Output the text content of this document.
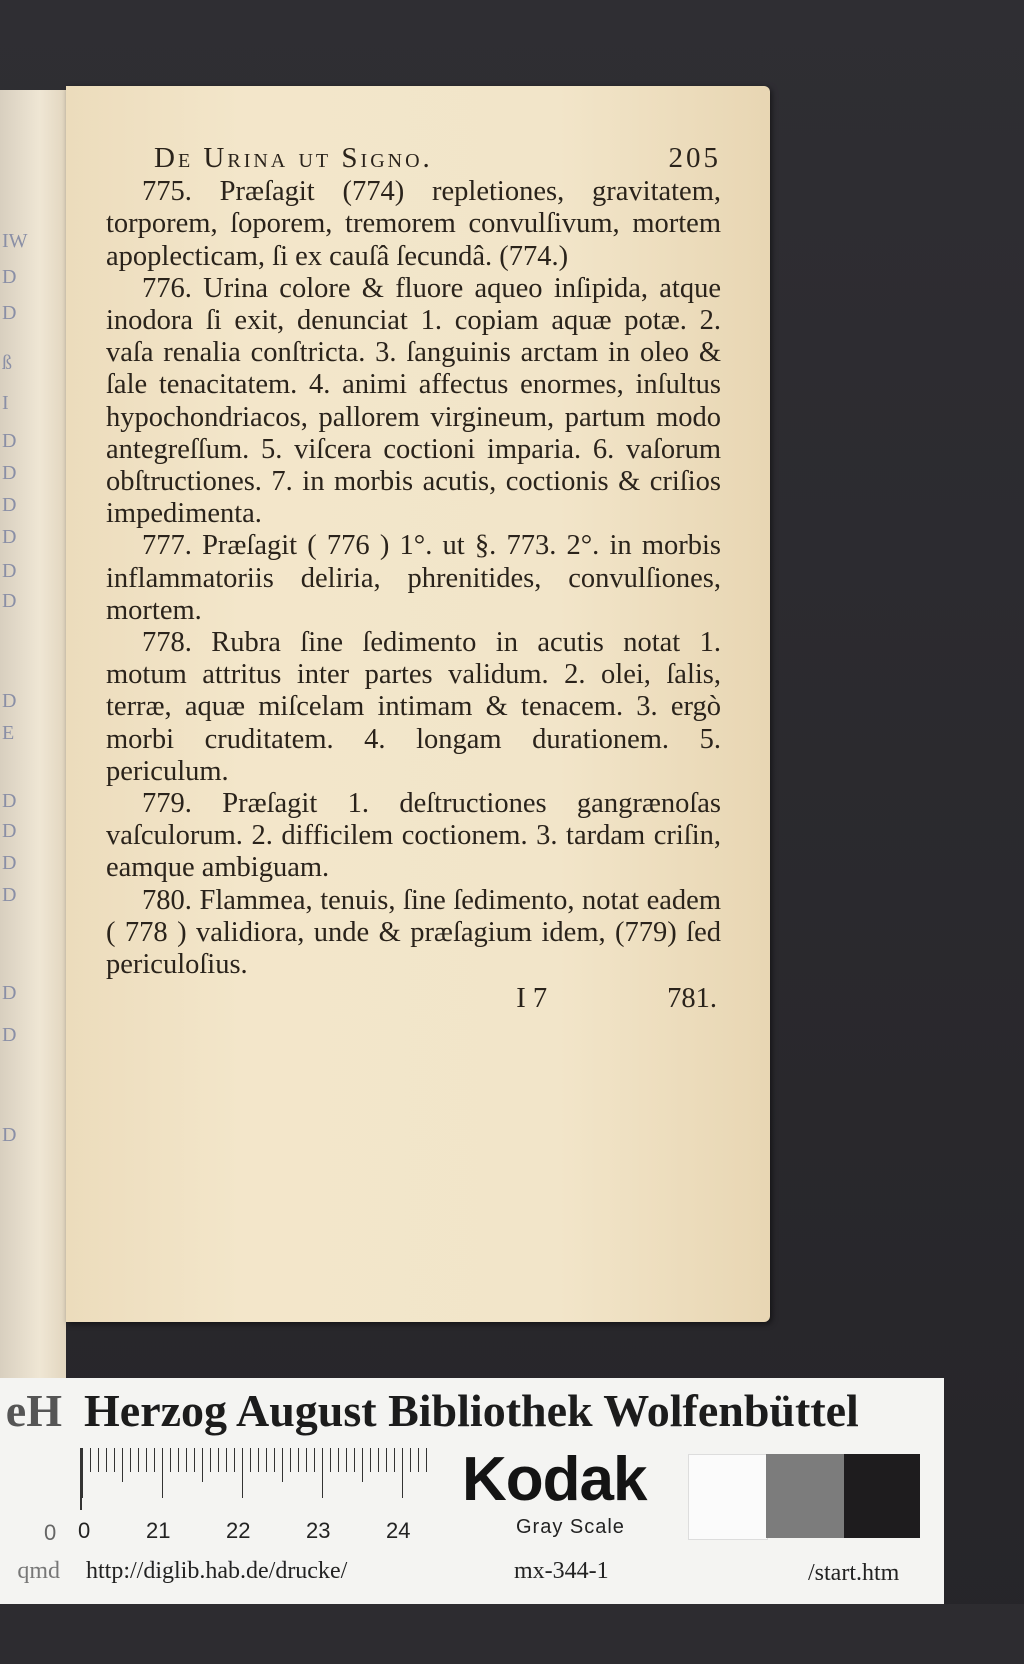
IW
D
D
ß
I
D
D
D
D
D
D
D
E
D
D
D
D
D
D
D
De Urina ut Signo.	205

775. Præſagit (774) repletiones, gravitatem, torporem, ſoporem, tremorem convulſivum, mortem apoplecticam, ſi ex cauſâ ſecundâ. (774.)

776. Urina colore & fluore aqueo inſipida, atque inodora ſi exit, denunciat 1. copiam aquæ potæ. 2. vaſa renalia conſtricta. 3. ſanguinis arctam in oleo & ſale tenacitatem. 4. animi affectus enormes, inſultus hypochondriacos, pallorem virgineum, partum modo antegreſſum. 5. viſcera coctioni imparia. 6. vaſorum obſtructiones. 7. in morbis acutis, coctionis & criſios impedimenta.

777. Præſagit ( 776 ) 1°. ut §. 773. 2°. in morbis inflammatoriis deliria, phrenitides, convulſiones, mortem.

778. Rubra ſine ſedimento in acutis notat 1. motum attritus inter partes validum. 2. olei, ſalis, terræ, aquæ miſcelam intimam & tenacem. 3. ergò morbi cruditatem. 4. longam durationem. 5. periculum.

779. Præſagit 1. deſtructiones gangrænoſas vaſculorum. 2. difficilem coctionem. 3. tardam criſin, eamque ambiguam.

780. Flammea, tenuis, ſine ſedimento, notat eadem ( 778 ) validiora, unde & præſagium idem, (779) ſed periculoſius.

I 7	781.
eH Herzog August Bibliothek Wolfenbüttel
0 0	21	22	23	24
Kodak
Gray Scale
qmd http://diglib.hab.de/drucke/	mx-344-1	/start.htm
